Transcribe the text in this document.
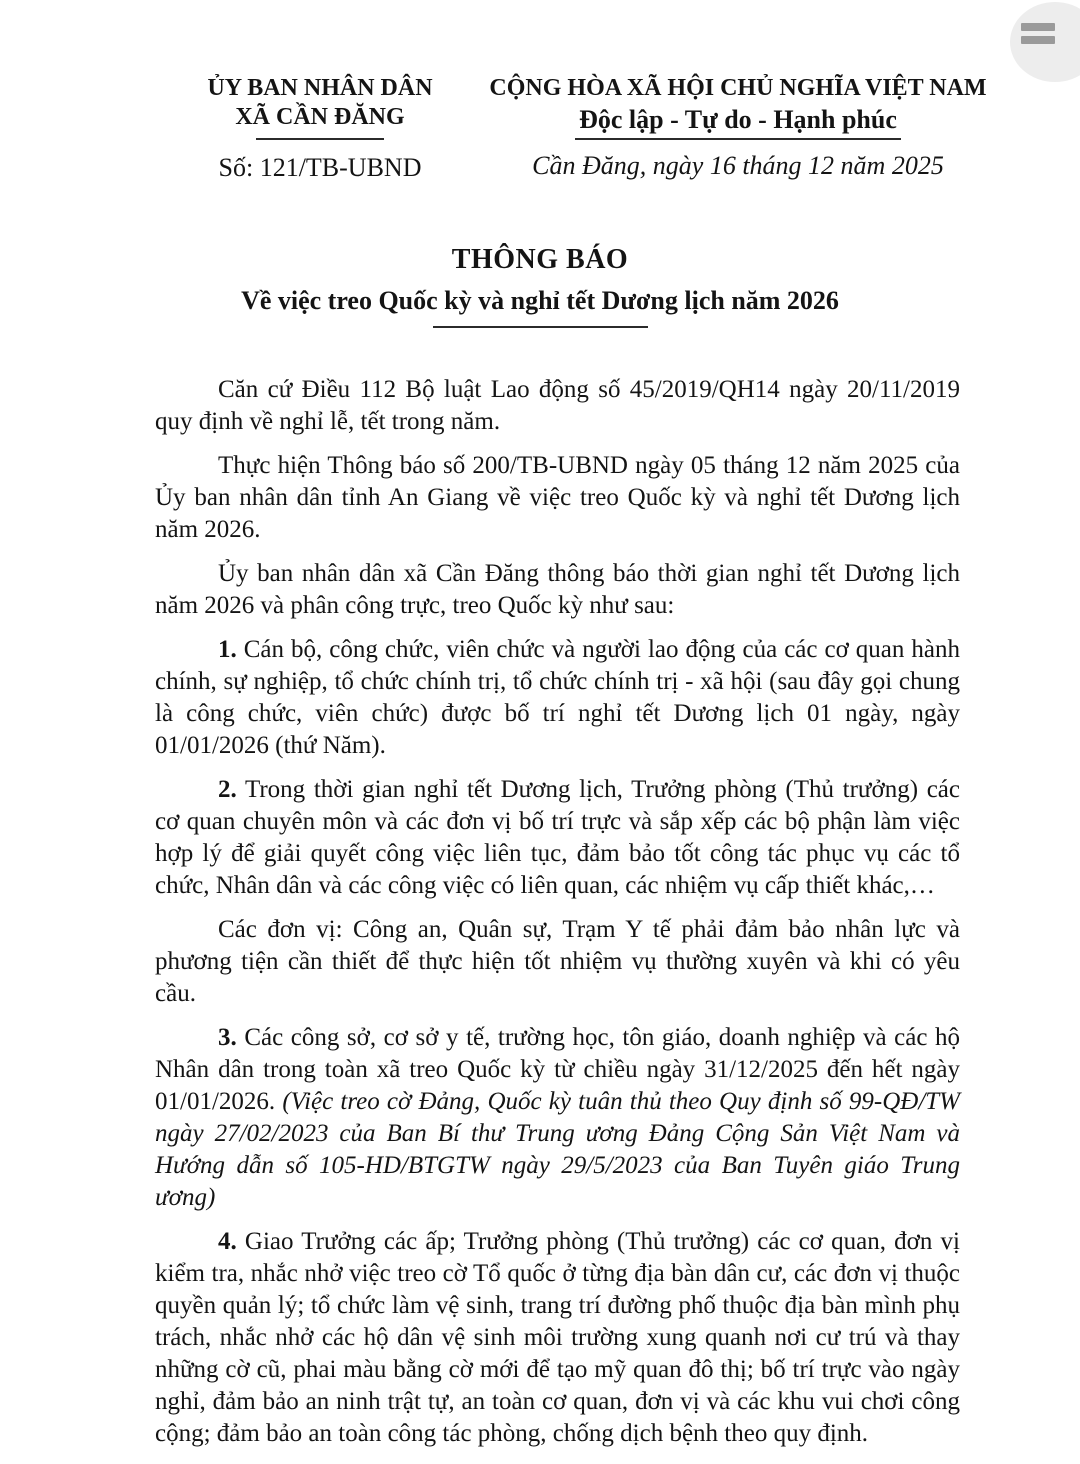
ỦY BAN NHÂN DÂN
XÃ CẦN ĐĂNG
Số: 121/TB-UBND
CỘNG HÒA XÃ HỘI CHỦ NGHĨA VIỆT NAM
Độc lập - Tự do - Hạnh phúc
Cần Đăng, ngày 16 tháng 12 năm 2025
THÔNG BÁO
Về việc treo Quốc kỳ và nghỉ tết Dương lịch năm 2026

Căn cứ Điều 112 Bộ luật Lao động số 45/2019/QH14 ngày 20/11/2019 quy định về nghỉ lễ, tết trong năm.

Thực hiện Thông báo số 200/TB-UBND ngày 05 tháng 12 năm 2025 của Ủy ban nhân dân tỉnh An Giang về việc treo Quốc kỳ và nghỉ tết Dương lịch năm 2026.

Ủy ban nhân dân xã Cần Đăng thông báo thời gian nghỉ tết Dương lịch năm 2026 và phân công trực, treo Quốc kỳ như sau:

1. Cán bộ, công chức, viên chức và người lao động của các cơ quan hành chính, sự nghiệp, tổ chức chính trị, tổ chức chính trị - xã hội (sau đây gọi chung là công chức, viên chức) được bố trí nghỉ tết Dương lịch 01 ngày, ngày 01/01/2026 (thứ Năm).

2. Trong thời gian nghỉ tết Dương lịch, Trưởng phòng (Thủ trưởng) các cơ quan chuyên môn và các đơn vị bố trí trực và sắp xếp các bộ phận làm việc hợp lý để giải quyết công việc liên tục, đảm bảo tốt công tác phục vụ các tổ chức, Nhân dân và các công việc có liên quan, các nhiệm vụ cấp thiết khác,…

Các đơn vị: Công an, Quân sự, Trạm Y tế phải đảm bảo nhân lực và phương tiện cần thiết để thực hiện tốt nhiệm vụ thường xuyên và khi có yêu cầu.

3. Các công sở, cơ sở y tế, trường học, tôn giáo, doanh nghiệp và các hộ Nhân dân trong toàn xã treo Quốc kỳ từ chiều ngày 31/12/2025 đến hết ngày 01/01/2026. (Việc treo cờ Đảng, Quốc kỳ tuân thủ theo Quy định số 99-QĐ/TW ngày 27/02/2023 của Ban Bí thư Trung ương Đảng Cộng Sản Việt Nam và Hướng dẫn số 105-HD/BTGTW ngày 29/5/2023 của Ban Tuyên giáo Trung ương)

4. Giao Trưởng các ấp; Trưởng phòng (Thủ trưởng) các cơ quan, đơn vị kiểm tra, nhắc nhở việc treo cờ Tổ quốc ở từng địa bàn dân cư, các đơn vị thuộc quyền quản lý; tổ chức làm vệ sinh, trang trí đường phố thuộc địa bàn mình phụ trách, nhắc nhở các hộ dân vệ sinh môi trường xung quanh nơi cư trú và thay những cờ cũ, phai màu bằng cờ mới để tạo mỹ quan đô thị; bố trí trực vào ngày nghỉ, đảm bảo an ninh trật tự, an toàn cơ quan, đơn vị và các khu vui chơi công cộng; đảm bảo an toàn công tác phòng, chống dịch bệnh theo quy định.
